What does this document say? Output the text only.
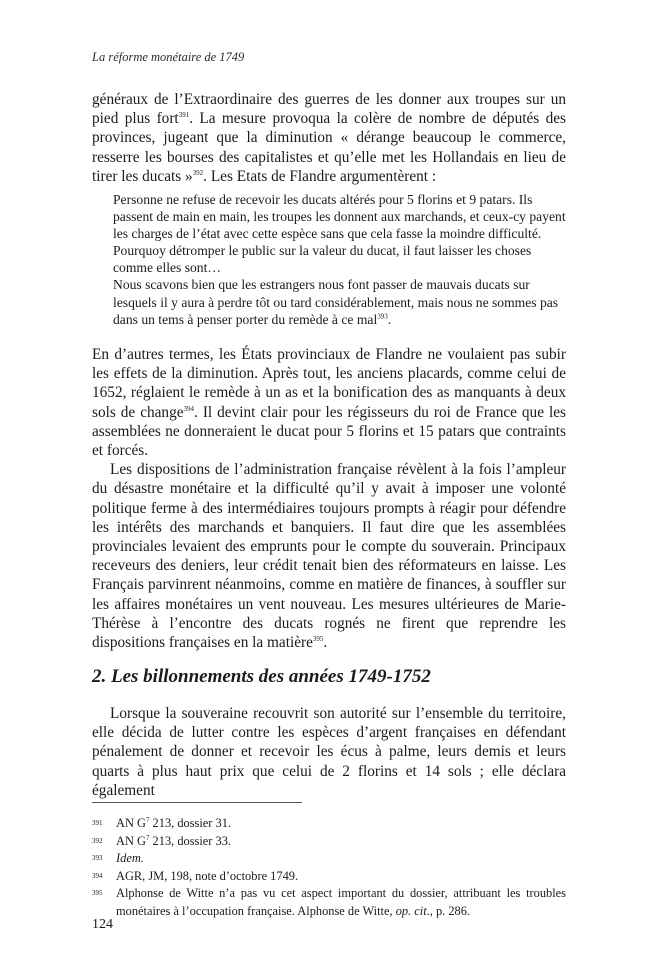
La réforme monétaire de 1749

généraux de l’Extraordinaire des guerres de les donner aux troupes sur un pied plus fort$^{391}$. La mesure provoqua la colère de nombre de députés des provinces, jugeant que la diminution « dérange beaucoup le commerce, resserre les bourses des capitalistes et qu’elle met les Hollandais en lieu de tirer les ducats »$^{392}$. Les Etats de Flandre argumentèrent :

Personne ne refuse de recevoir les ducats altérés pour 5 florins et 9 patars. Ils passent de main en main, les troupes les donnent aux marchands, et ceux-cy payent les charges de l’état avec cette espèce sans que cela fasse la moindre difficulté. Pourquoy détromper le public sur la valeur du ducat, il faut laisser les choses comme elles sont…

Nous scavons bien que les estrangers nous font passer de mauvais ducats sur lesquels il y aura à perdre tôt ou tard considérablement, mais nous ne sommes pas dans un tems à penser porter du remède à ce mal$^{393}$.

En d’autres termes, les États provinciaux de Flandre ne voulaient pas subir les effets de la diminution. Après tout, les anciens placards, comme celui de 1652, réglaient le remède à un as et la bonification des as manquants à deux sols de change$^{394}$. Il devint clair pour les régisseurs du roi de France que les assemblées ne donneraient le ducat pour 5 florins et 15 patars que contraints et forcés.

Les dispositions de l’administration française révèlent à la fois l’ampleur du désastre monétaire et la difficulté qu’il y avait à imposer une volonté politique ferme à des intermédiaires toujours prompts à réagir pour défendre les intérêts des marchands et banquiers. Il faut dire que les assemblées provinciales levaient des emprunts pour le compte du souverain. Principaux receveurs des deniers, leur crédit tenait bien des réformateurs en laisse. Les Français parvinrent néanmoins, comme en matière de finances, à souffler sur les affaires monétaires un vent nouveau. Les mesures ultérieures de Marie-Thérèse à l’encontre des ducats rognés ne firent que reprendre les dispositions françaises en la matière$^{395}$.

2. Les billonnements des années 1749-1752

Lorsque la souveraine recouvrit son autorité sur l’ensemble du territoire, elle décida de lutter contre les espèces d’argent françaises en défendant pénalement de donner et recevoir les écus à palme, leurs demis et leurs quarts à plus haut prix que celui de 2 florins et 14 sols ; elle déclara également

391 AN $G^7$ 213, dossier 31.
392 AN $G^7$ 213, dossier 33.
393 Idem.
394 AGR, JM, 198, note d’octobre 1749.
395 Alphonse de Witte n’a pas vu cet aspect important du dossier, attribuant les troubles monétaires à l’occupation française. Alphonse de Witte, op. cit., p. 286.
124
